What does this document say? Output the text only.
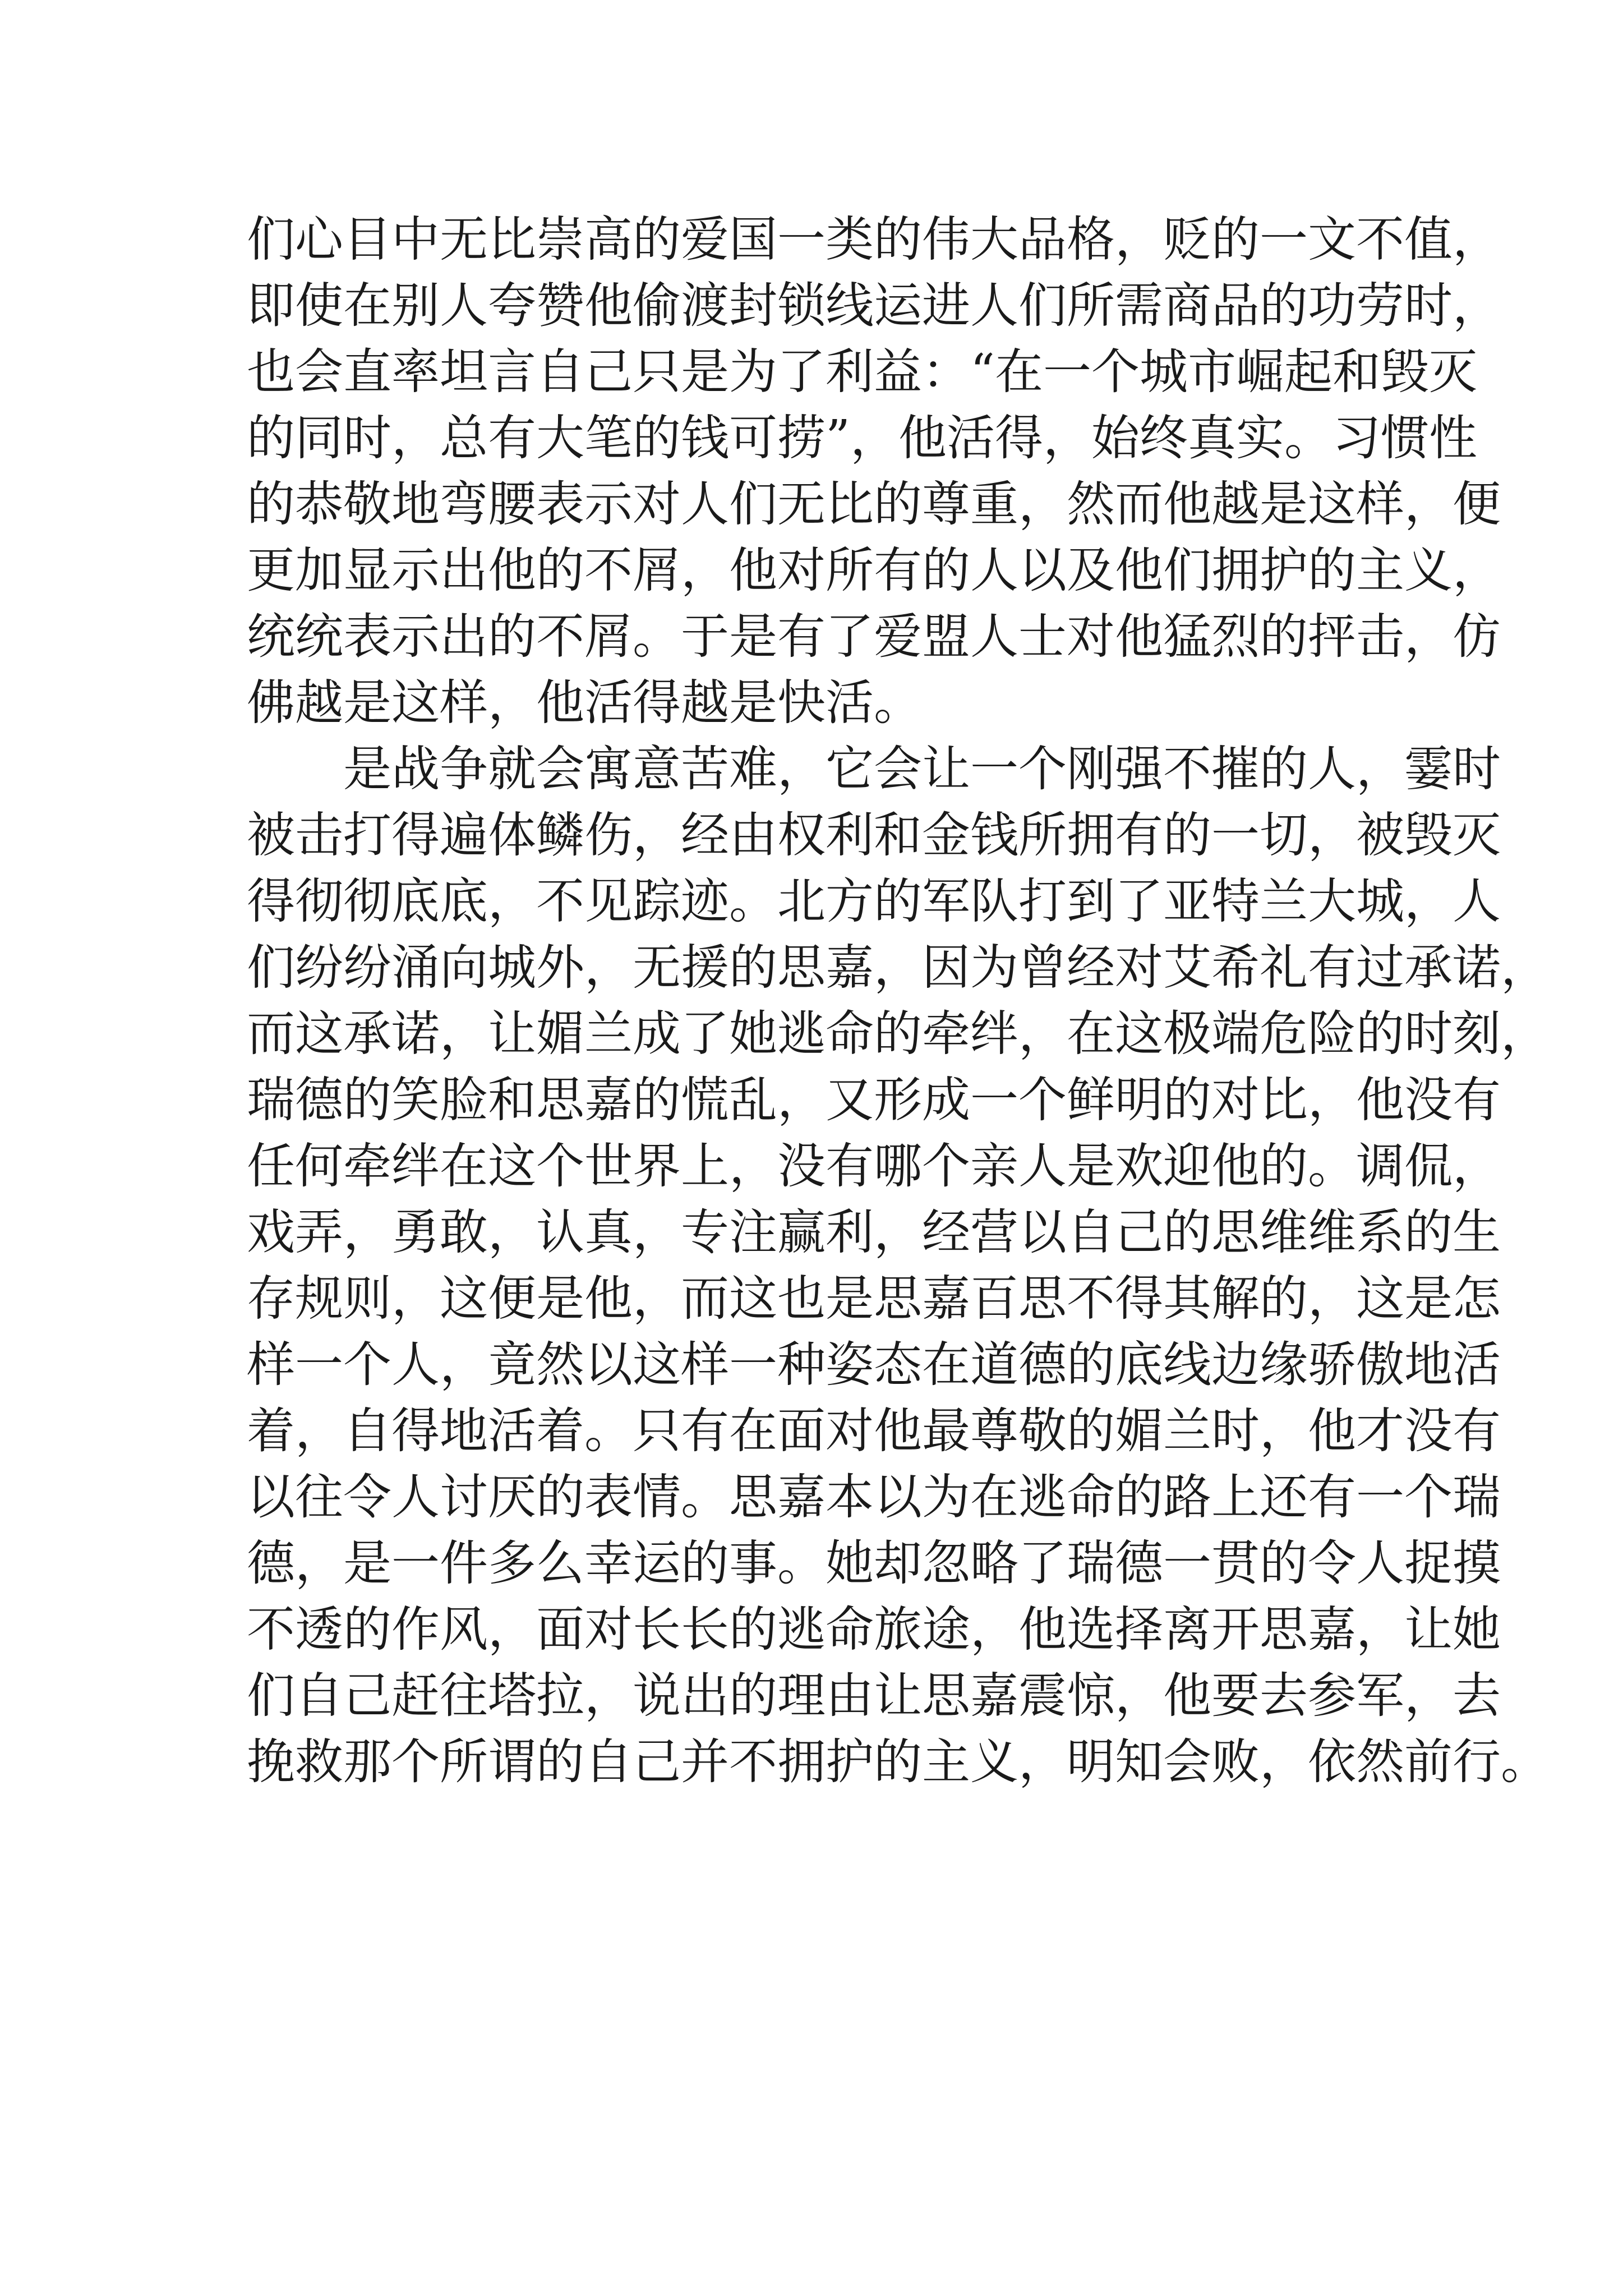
们心目中无比崇高的爱国一类的伟大品格，贬的一文不值，
即使在别人夸赞他偷渡封锁线运进人们所需商品的功劳时，
也会直率坦言自己只是为了利益：“在一个城市崛起和毁灭
的同时，总有大笔的钱可捞”，他活得，始终真实。习惯性
的恭敬地弯腰表示对人们无比的尊重，然而他越是这样，便
更加显示出他的不屑，他对所有的人以及他们拥护的主义，
统统表示出的不屑。于是有了爱盟人士对他猛烈的抨击，仿
佛越是这样，他活得越是快活。
是战争就会寓意苦难，它会让一个刚强不摧的人，霎时
被击打得遍体鳞伤，经由权利和金钱所拥有的一切，被毁灭
得彻彻底底，不见踪迹。北方的军队打到了亚特兰大城，人
们纷纷涌向城外，无援的思嘉，因为曾经对艾希礼有过承诺，
而这承诺，让媚兰成了她逃命的牵绊，在这极端危险的时刻，
瑞德的笑脸和思嘉的慌乱，又形成一个鲜明的对比，他没有
任何牵绊在这个世界上，没有哪个亲人是欢迎他的。调侃，
戏弄，勇敢，认真，专注赢利，经营以自己的思维维系的生
存规则，这便是他，而这也是思嘉百思不得其解的，这是怎
样一个人，竟然以这样一种姿态在道德的底线边缘骄傲地活
着，自得地活着。只有在面对他最尊敬的媚兰时，他才没有
以往令人讨厌的表情。思嘉本以为在逃命的路上还有一个瑞
德，是一件多么幸运的事。她却忽略了瑞德一贯的令人捉摸
不透的作风，面对长长的逃命旅途，他选择离开思嘉，让她
们自己赶往塔拉，说出的理由让思嘉震惊，他要去参军，去
挽救那个所谓的自己并不拥护的主义，明知会败，依然前行。
